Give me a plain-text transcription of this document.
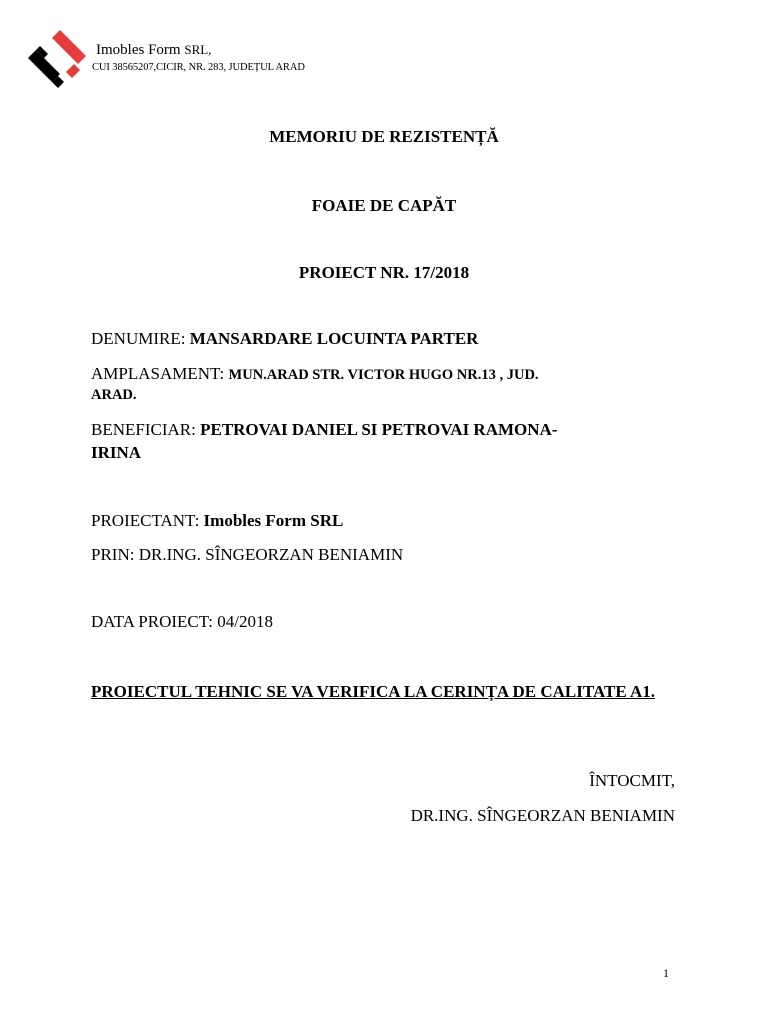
Imobles Form SRL,
CUI 38565207,CICIR, NR. 283, JUDEȚUL ARAD
MEMORIU DE REZISTENȚĂ
FOAIE DE CAPĂT
PROIECT NR. 17/2018
DENUMIRE: MANSARDARE LOCUINTA PARTER
AMPLASAMENT: MUN.ARAD STR. VICTOR HUGO NR.13 , JUD.
ARAD.
BENEFICIAR: PETROVAI DANIEL SI PETROVAI RAMONA-
IRINA
PROIECTANT: Imobles Form SRL
PRIN: DR.ING. SÎNGEORZAN BENIAMIN
DATA PROIECT: 04/2018
PROIECTUL TEHNIC SE VA VERIFICA LA CERINȚA DE CALITATE A1.
ÎNTOCMIT,
DR.ING. SÎNGEORZAN BENIAMIN
1
